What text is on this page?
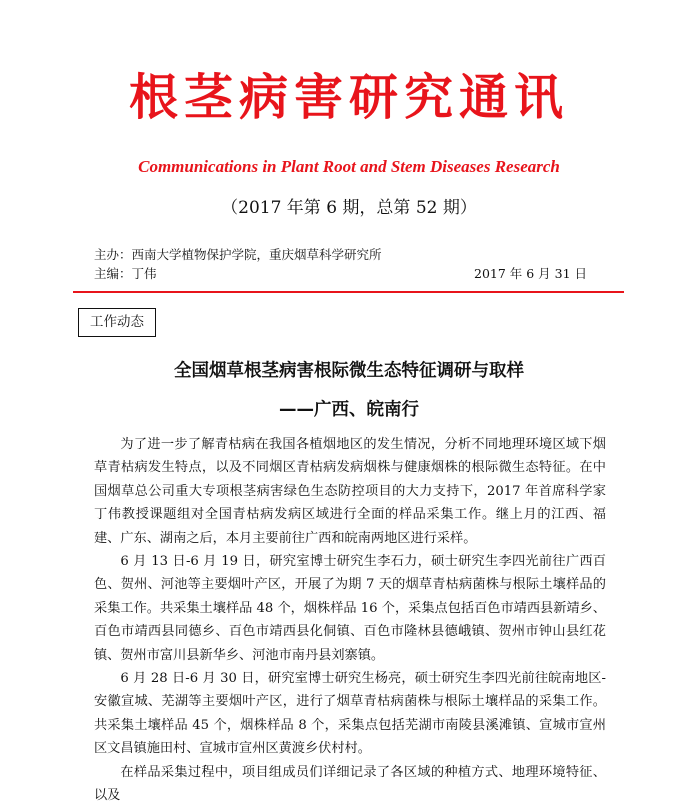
根茎病害研究通讯
Communications in Plant Root and Stem Diseases Research
（2017 年第 6 期，总第 52 期）
主办：西南大学植物保护学院，重庆烟草科学研究所
主编：丁伟	2017 年 6 月 31 日
工作动态
全国烟草根茎病害根际微生态特征调研与取样
——广西、皖南行

为了进一步了解青枯病在我国各植烟地区的发生情况，分析不同地理环境区域下烟草青枯病发生特点，以及不同烟区青枯病发病烟株与健康烟株的根际微生态特征。在中国烟草总公司重大专项根茎病害绿色生态防控项目的大力支持下，2017 年首席科学家丁伟教授课题组对全国青枯病发病区域进行全面的样品采集工作。继上月的江西、福建、广东、湖南之后，本月主要前往广西和皖南两地区进行采样。

6 月 13 日-6 月 19 日，研究室博士研究生李石力，硕士研究生李四光前往广西百色、贺州、河池等主要烟叶产区，开展了为期 7 天的烟草青枯病菌株与根际土壤样品的采集工作。共采集土壤样品 48 个，烟株样品 16 个，采集点包括百色市靖西县新靖乡、百色市靖西县同德乡、百色市靖西县化侗镇、百色市隆林县德峨镇、贺州市钟山县红花镇、贺州市富川县新华乡、河池市南丹县刘寨镇。

6 月 28 日-6 月 30 日，研究室博士研究生杨亮，硕士研究生李四光前往皖南地区-安徽宣城、芜湖等主要烟叶产区，进行了烟草青枯病菌株与根际土壤样品的采集工作。共采集土壤样品 45 个，烟株样品 8 个，采集点包括芜湖市南陵县溪滩镇、宣城市宣州区文昌镇施田村、宣城市宣州区黄渡乡伏村村。

在样品采集过程中，项目组成员们详细记录了各区域的种植方式、地理环境特征、以及
